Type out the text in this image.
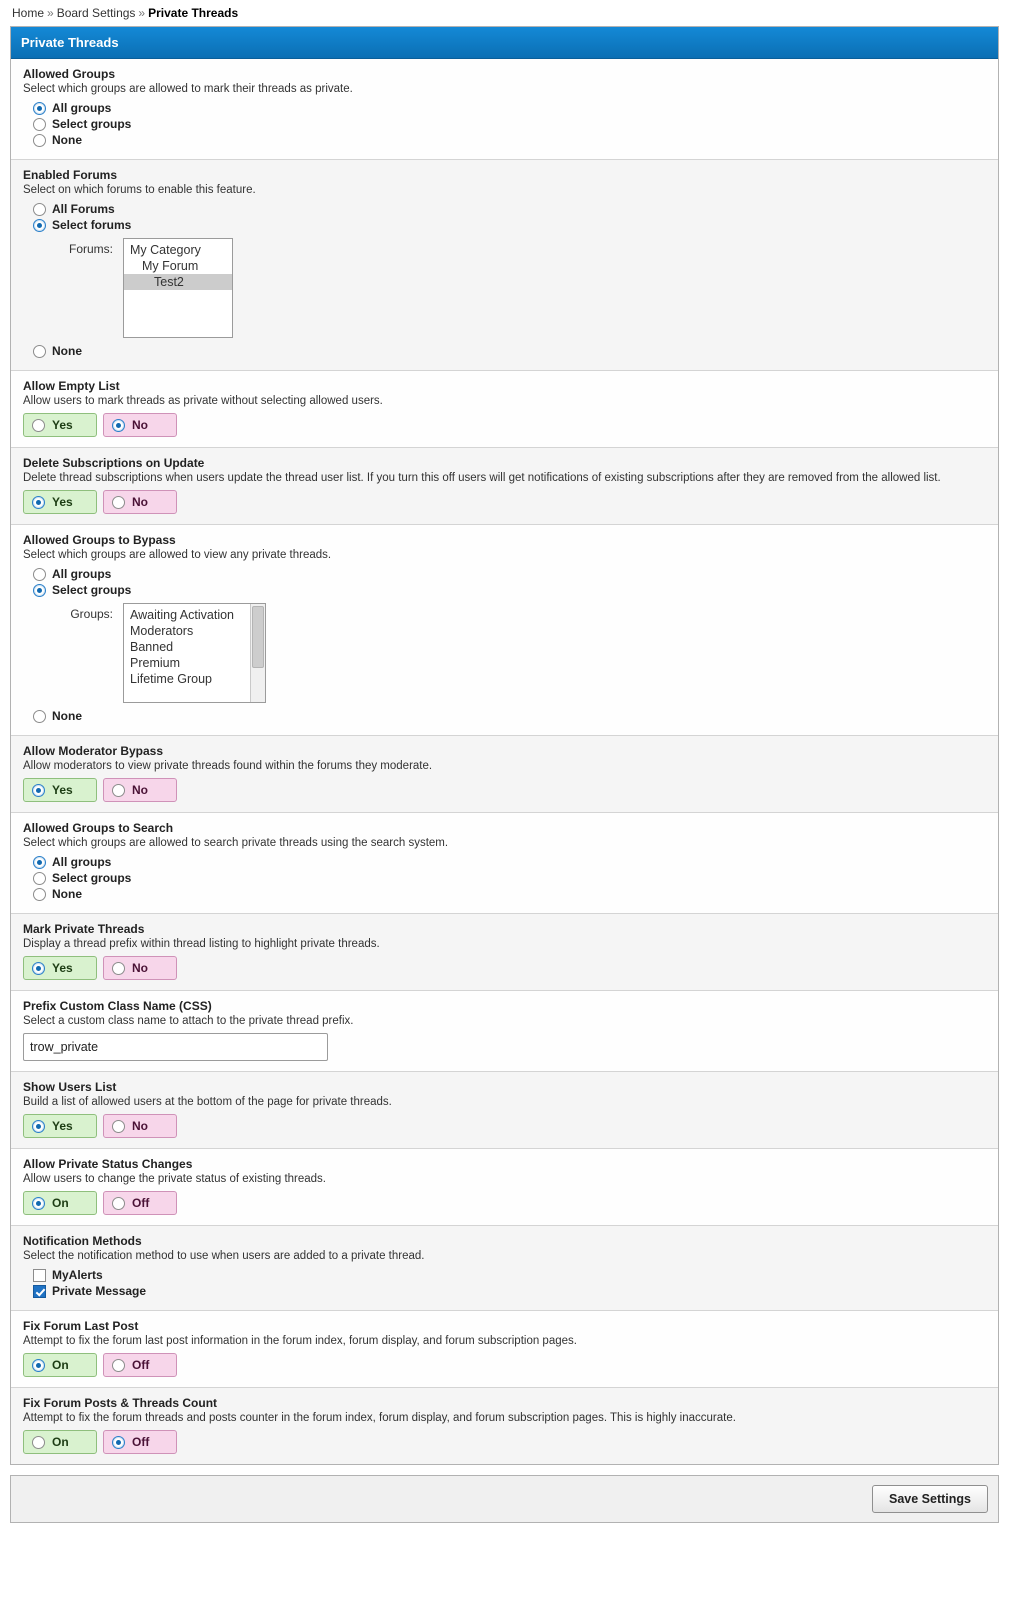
Home » Board Settings » Private Threads
Private Threads
Allowed Groups
Select which groups are allowed to mark their threads as private.
All groups
Select groups
None
Enabled Forums
Select on which forums to enable this feature.
All Forums
Select forums
Forums:	My Category
My Forum
Test2
None
Allow Empty List
Allow users to mark threads as private without selecting allowed users.
Yes	No
Delete Subscriptions on Update
Delete thread subscriptions when users update the thread user list. If you turn this off users will get notifications of existing subscriptions after they are removed from the allowed list.
Yes	No
Allowed Groups to Bypass
Select which groups are allowed to view any private threads.
All groups
Select groups
Groups:	Awaiting Activation
Moderators
Banned
Premium
Lifetime Group
None
Allow Moderator Bypass
Allow moderators to view private threads found within the forums they moderate.
Yes	No
Allowed Groups to Search
Select which groups are allowed to search private threads using the search system.
All groups
Select groups
None
Mark Private Threads
Display a thread prefix within thread listing to highlight private threads.
Yes	No
Prefix Custom Class Name (CSS)
Select a custom class name to attach to the private thread prefix.
trow_private
Show Users List
Build a list of allowed users at the bottom of the page for private threads.
Yes	No
Allow Private Status Changes
Allow users to change the private status of existing threads.
On	Off
Notification Methods
Select the notification method to use when users are added to a private thread.
MyAlerts
Private Message
Fix Forum Last Post
Attempt to fix the forum last post information in the forum index, forum display, and forum subscription pages.
On	Off
Fix Forum Posts & Threads Count
Attempt to fix the forum threads and posts counter in the forum index, forum display, and forum subscription pages. This is highly inaccurate.
On	Off
Save Settings
